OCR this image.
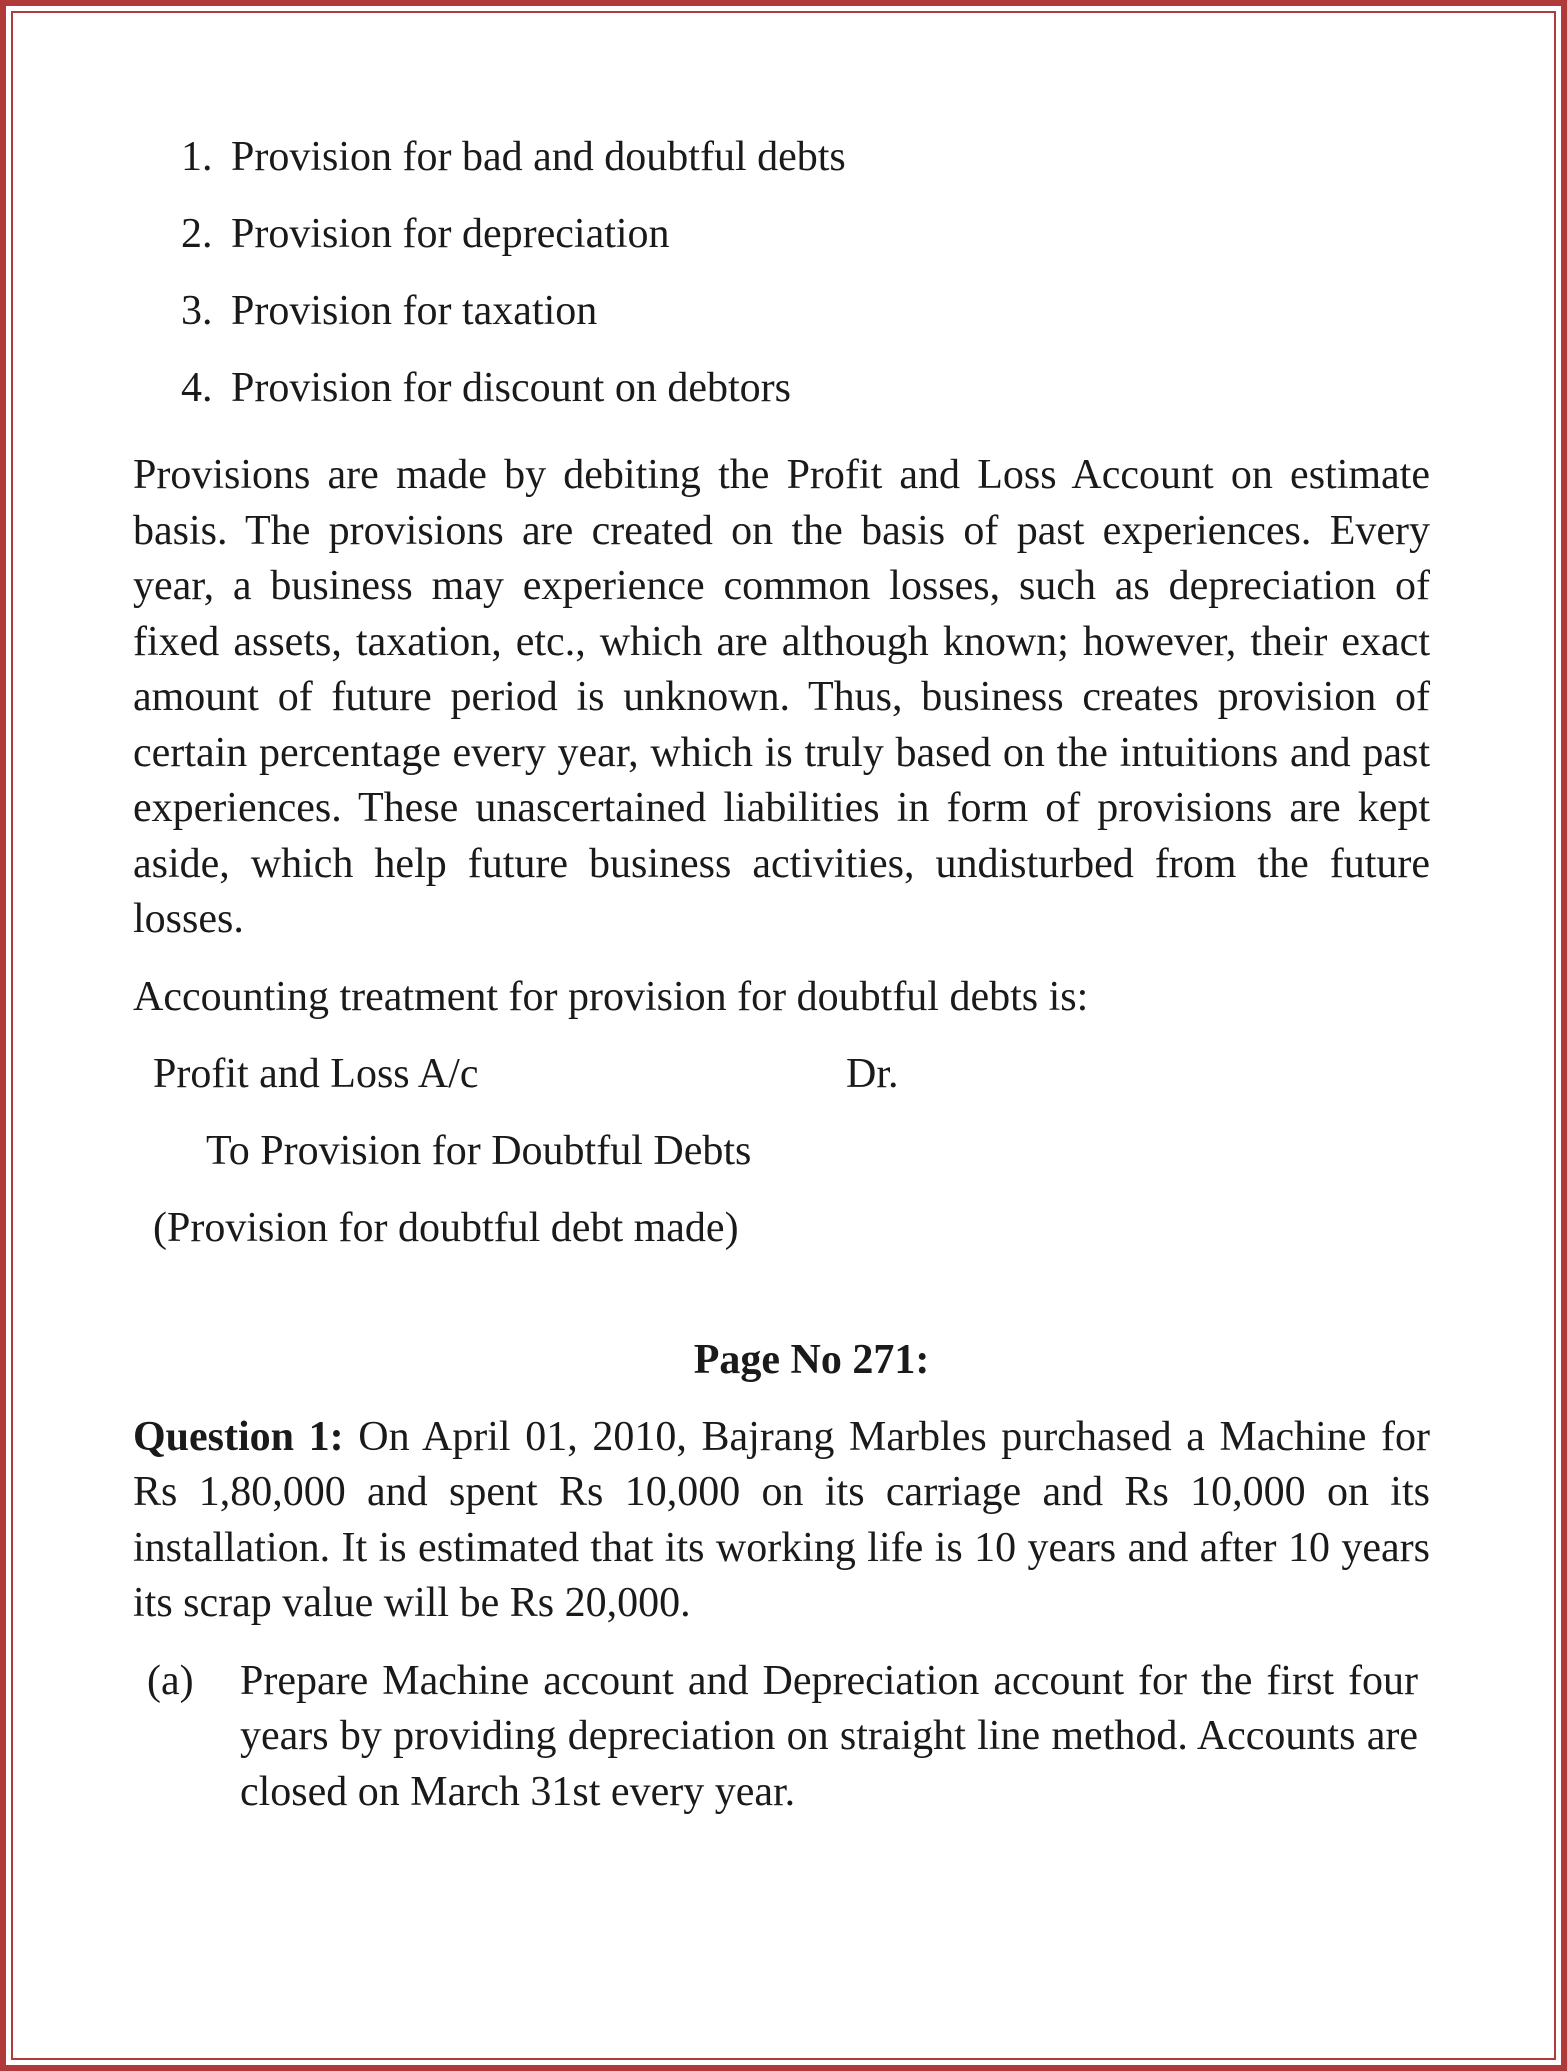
1. Provision for bad and doubtful debts
2. Provision for depreciation
3. Provision for taxation
4. Provision for discount on debtors

Provisions are made by debiting the Profit and Loss Account on estimate basis. The provisions are created on the basis of past experiences. Every year, a business may experience common losses, such as depreciation of fixed assets, taxation, etc., which are although known; however, their exact amount of future period is unknown. Thus, business creates provision of certain percentage every year, which is truly based on the intuitions and past experiences. These unascertained liabilities in form of provisions are kept aside, which help future business activities, undisturbed from the future losses.

Accounting treatment for provision for doubtful debts is:
Profit and Loss A/c	Dr.
To Provision for Doubtful Debts
(Provision for doubtful debt made)
Page No 271:

Question 1: On April 01, 2010, Bajrang Marbles purchased a Machine for Rs 1,80,000 and spent Rs 10,000 on its carriage and Rs 10,000 on its installation. It is estimated that its working life is 10 years and after 10 years its scrap value will be Rs 20,000.

(a)	Prepare Machine account and Depreciation account for the first four years by providing depreciation on straight line method. Accounts are closed on March 31st every year.
